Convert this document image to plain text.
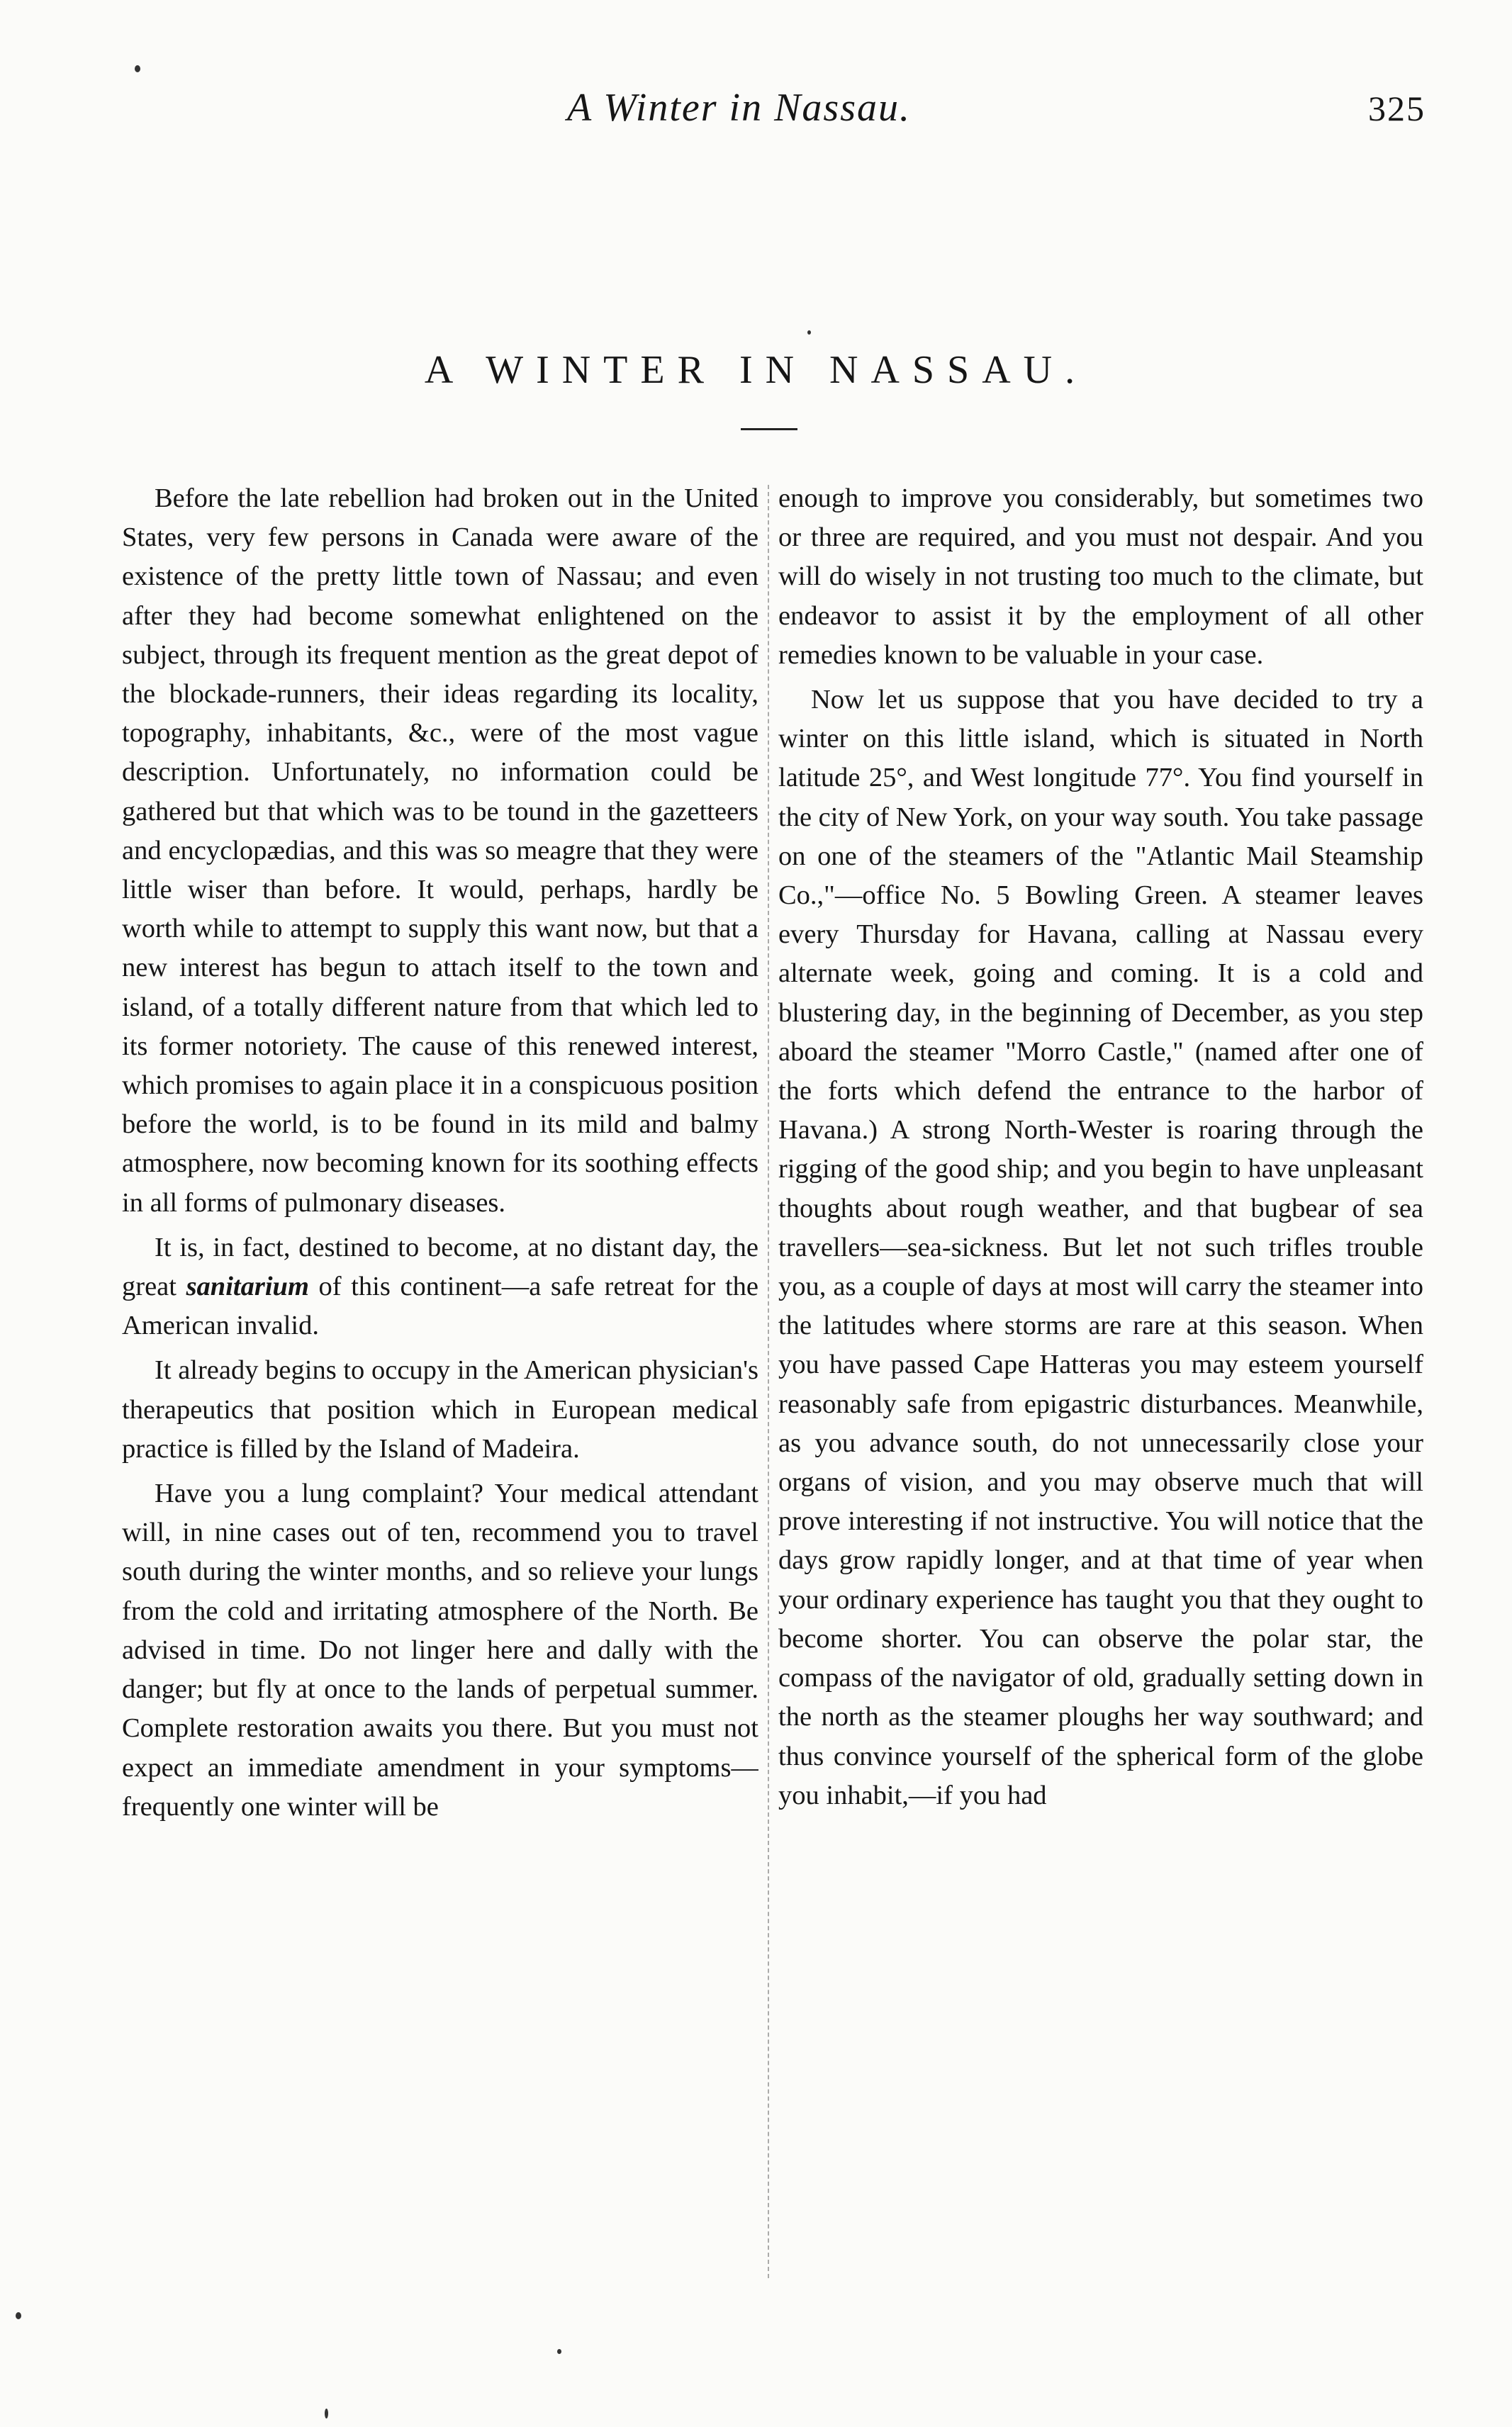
A Winter in Nassau.	325
A WINTER IN NASSAU.

Before the late rebellion had broken out in the United States, very few persons in Canada were aware of the existence of the pretty little town of Nassau; and even after they had become somewhat enlightened on the subject, through its frequent mention as the great depot of the blockade-runners, their ideas regarding its locality, topography, inhabitants, &c., were of the most vague description. Unfortunately, no information could be gathered but that which was to be tound in the gazetteers and encyclopædias, and this was so meagre that they were little wiser than before. It would, perhaps, hardly be worth while to attempt to supply this want now, but that a new interest has begun to attach itself to the town and island, of a totally different nature from that which led to its former notoriety. The cause of this renewed interest, which promises to again place it in a conspicuous position before the world, is to be found in its mild and balmy atmosphere, now becoming known for its soothing effects in all forms of pulmonary diseases.

It is, in fact, destined to become, at no distant day, the great sanitarium of this continent—a safe retreat for the American invalid.

It already begins to occupy in the American physician's therapeutics that position which in European medical practice is filled by the Island of Madeira.

Have you a lung complaint? Your medical attendant will, in nine cases out of ten, recommend you to travel south during the winter months, and so relieve your lungs from the cold and irritating atmosphere of the North. Be advised in time. Do not linger here and dally with the danger; but fly at once to the lands of perpetual summer. Complete restoration awaits you there. But you must not expect an immediate amendment in your symptoms—frequently one winter will be

enough to improve you considerably, but sometimes two or three are required, and you must not despair. And you will do wisely in not trusting too much to the climate, but endeavor to assist it by the employment of all other remedies known to be valuable in your case.

Now let us suppose that you have decided to try a winter on this little island, which is situated in North latitude 25°, and West longitude 77°. You find yourself in the city of New York, on your way south. You take passage on one of the steamers of the "Atlantic Mail Steamship Co.,"—office No. 5 Bowling Green. A steamer leaves every Thursday for Havana, calling at Nassau every alternate week, going and coming. It is a cold and blustering day, in the beginning of December, as you step aboard the steamer "Morro Castle," (named after one of the forts which defend the entrance to the harbor of Havana.) A strong North-Wester is roaring through the rigging of the good ship; and you begin to have unpleasant thoughts about rough weather, and that bugbear of sea travellers—sea-sickness. But let not such trifles trouble you, as a couple of days at most will carry the steamer into the latitudes where storms are rare at this season. When you have passed Cape Hatteras you may esteem yourself reasonably safe from epigastric disturbances. Meanwhile, as you advance south, do not unnecessarily close your organs of vision, and you may observe much that will prove interesting if not instructive. You will notice that the days grow rapidly longer, and at that time of year when your ordinary experience has taught you that they ought to become shorter. You can observe the polar star, the compass of the navigator of old, gradually setting down in the north as the steamer ploughs her way southward; and thus convince yourself of the spherical form of the globe you inhabit,—if you had
